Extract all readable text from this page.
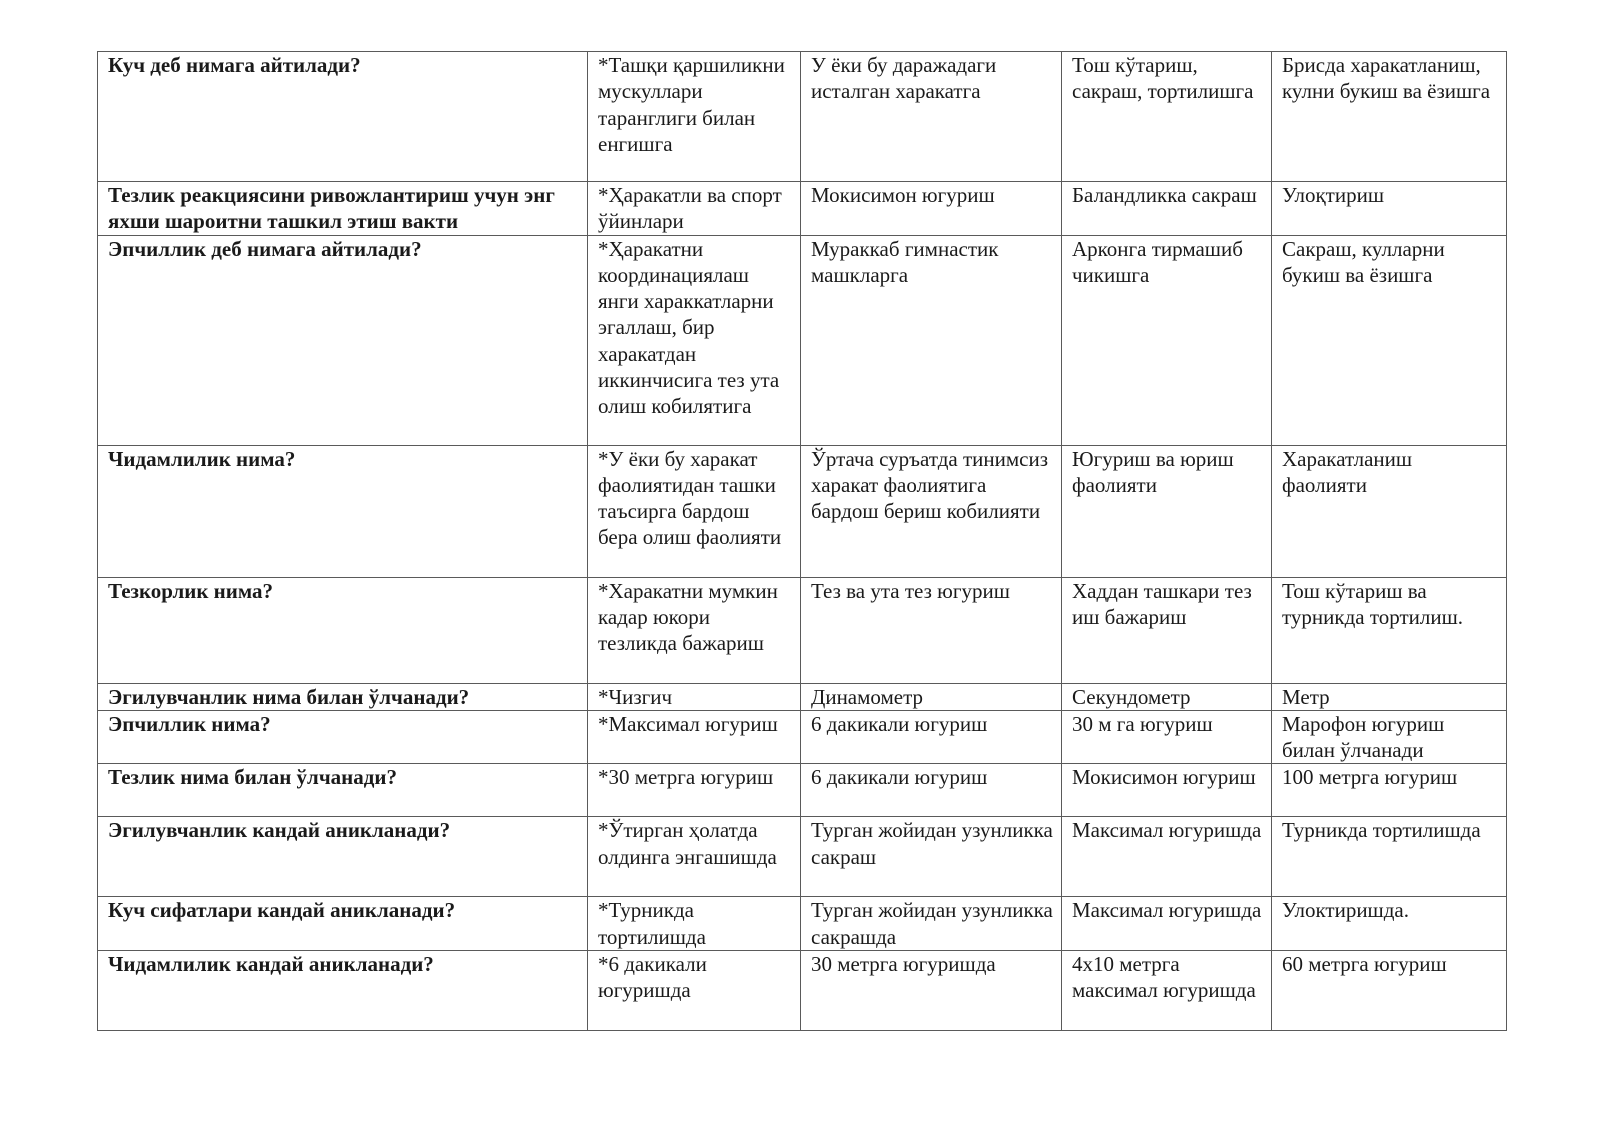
Куч деб нимага айтилади?	*Ташқи қаршиликни мускуллари таранглиги билан енгишга	У ёки бу даражадаги исталган харакатга	Тош кўтариш, сакраш, тортилишга	Брисда харакатланиш, кулни букиш ва ёзишга
Тезлик реакциясини ривожлантириш учун энг яхши шароитни ташкил этиш вакти	*Ҳаракатли ва спорт ўйинлари	Мокисимон югуриш	Баландликка сакраш	Улоқтириш
Эпчиллик деб нимага айтилади?	*Ҳаракатни координациялаш янги хараккатларни эгаллаш, бир харакатдан иккинчисига тез ута олиш кобилятига	Мураккаб гимнастик машкларга	Арконга тирмашиб чикишга	Сакраш, кулларни букиш ва ёзишга
Чидамлилик нима?	*У ёки бу харакат фаолиятидан ташки таъсирга бардош бера олиш фаолияти	Ўртача суръатда тинимсиз харакат фаолиятига бардош бериш кобилияти	Югуриш ва юриш фаолияти	Харакатланиш фаолияти
Тезкорлик нима?	*Харакатни мумкин кадар юкори тезликда бажариш	Тез ва ута тез югуриш	Хаддан ташкари тез иш бажариш	Тош кўтариш ва турникда тортилиш.
Эгилувчанлик нима билан ўлчанади?	*Чизгич	Динамометр	Секундометр	Метр
Эпчиллик нима?	*Максимал югуриш	6 дакикали югуриш	30 м га югуриш	Марофон югуриш билан ўлчанади
Тезлик нима билан ўлчанади?	*30 метрга югуриш	6 дакикали югуриш	Мокисимон югуриш	100 метрга югуриш
Эгилувчанлик кандай аникланади?	*Ўтирган ҳолатда олдинга энгашишда	Турган жойидан узунликка сакраш	Максимал югуришда	Турникда тортилишда
Куч сифатлари кандай аникланади?	*Турникда тортилишда	Турган жойидан узунликка сакрашда	Максимал югуришда	Улоктиришда.
Чидамлилик кандай аникланади?	*6 дакикали югуришда	30 метрга югуришда	4х10 метрга максимал югуришда	60 метрга югуриш
